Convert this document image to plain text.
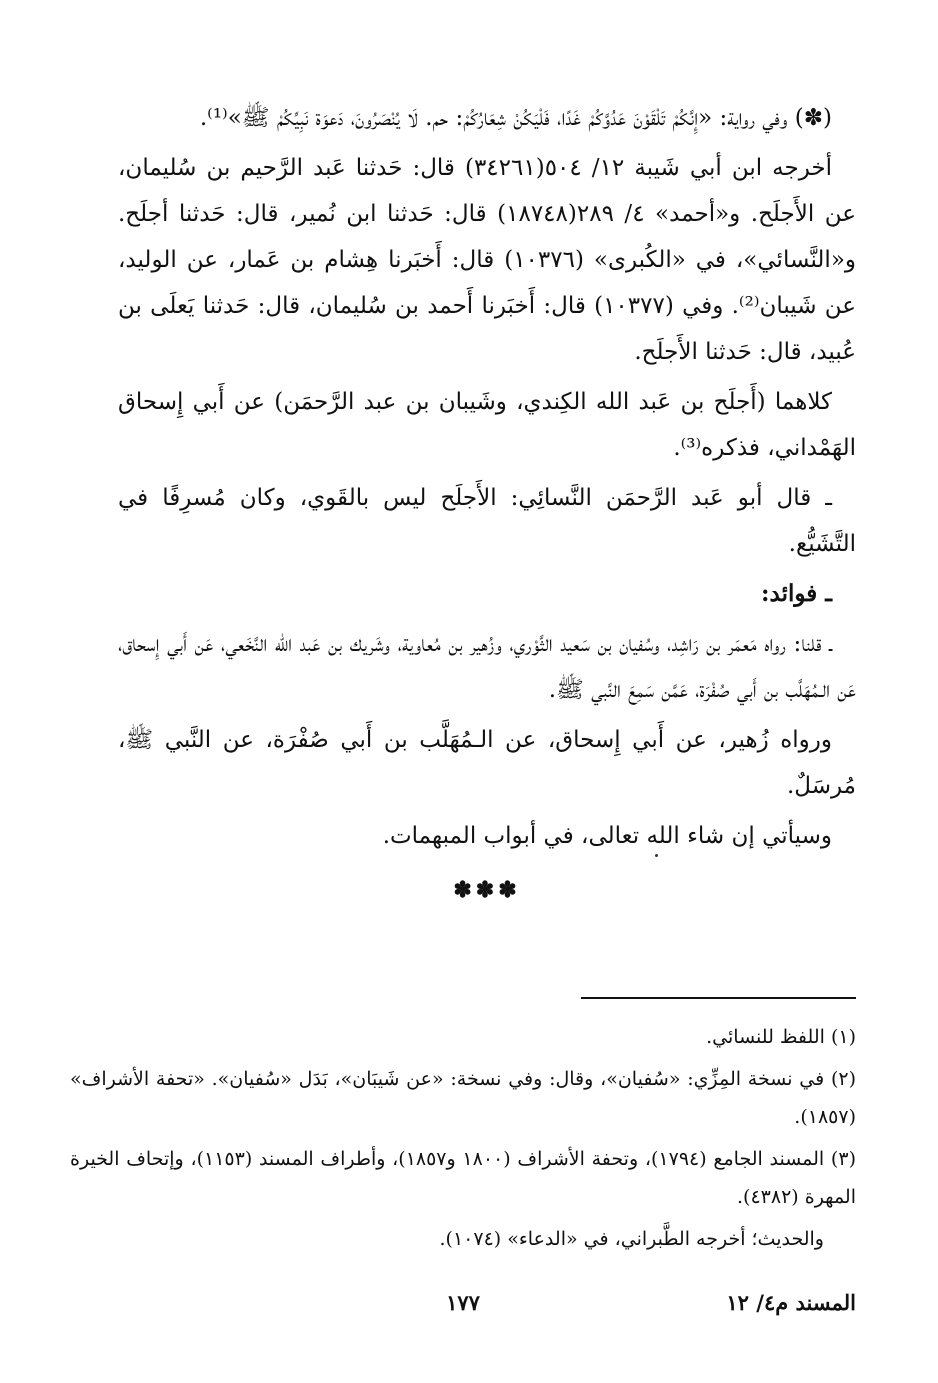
(✽) وفي رواية: «إِنَّكُمْ تَلْقَوْنَ عَدُوَّكُمْ غَدًا، فَلْيَكُنْ شِعَارُكُمْ: حم. لَا يُنْصَرُونَ، دَعوَة نَبِيِّكُمْ ﷺ»⁽¹⁾.

أخرجه ابن أبي شَيبة ١٢/ ٥٠٤(٣٤٢٦١) قال: حَدثنا عَبد الرَّحيم بن سُليمان، عن الأَجلَح. و«أحمد» ٤/ ٢٨٩(١٨٧٤٨) قال: حَدثنا ابن نُمير، قال: حَدثنا أجلَح. و«النَّسائي»، في «الكُبرى» (١٠٣٧٦) قال: أَخبَرنا هِشام بن عَمار، عن الوليد، عن شَيبان⁽²⁾. وفي (١٠٣٧٧) قال: أَخبَرنا أَحمد بن سُليمان، قال: حَدثنا يَعلَى بن عُبيد، قال: حَدثنا الأَجلَح.

كلاهما (أَجلَح بن عَبد الله الكِندي، وشَيبان بن عبد الرَّحمَن) عن أَبي إِسحاق الهَمْداني، فذكره⁽³⁾.

ـ قال أبو عَبد الرَّحمَن النَّسائِي: الأَجلَح ليس بالقَوي، وكان مُسرِفًا في التَّشَيُّع.

ـ فوائد:

ـ قلنا: رواه مَعمَر بن رَاشِد، وسُفيان بن سَعيد الثَّوْري، وزُهير بن مُعاوية، وشَريك بن عَبد الله النَّخَعي، عَن أَبي إِسحاق، عَن الـمُهَلَّب بن أَبي صُفْرَة، عَمَّن سَمِعَ النَّبي ﷺ.

ورواه زُهير، عن أَبي إِسحاق، عن الـمُهَلَّب بن أَبي صُفْرَة، عن النَّبي ﷺ، مُرسَلٌ.

وسيأتي إن شاء الله تعالى، في أبواب المبهمات.

✽✽✽

(١) اللفظ للنسائي.

(٢) في نسخة المِزِّي: «سُفيان»، وقال: وفي نسخة: «عن شَيبَان»، بَدَل «سُفيان». «تحفة الأشراف» (١٨٥٧).

(٣) المسند الجامع (١٧٩٤)، وتحفة الأشراف (١٨٠٠ و١٨٥٧)، وأطراف المسند (١١٥٣)، وإتحاف الخيرة المهرة (٤٣٨٢).

والحديث؛ أخرجه الطَّبراني، في «الدعاء» (١٠٧٤).

المسند م٤/ ١٢
١٧٧
